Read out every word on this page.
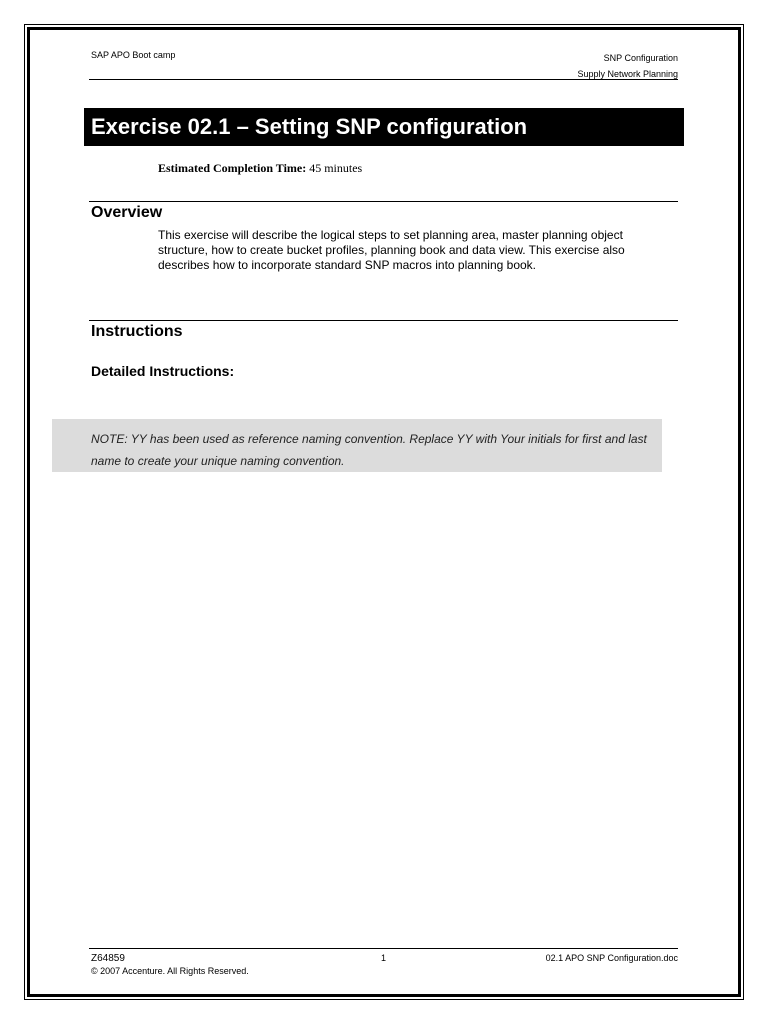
SAP APO Boot camp	SNP Configuration
Supply Network Planning
Exercise 02.1 – Setting SNP configuration
Estimated Completion Time: 45 minutes
Overview
This exercise will describe the logical steps to set planning area, master planning object structure, how to create bucket profiles, planning book and data view. This exercise also describes how to incorporate standard SNP macros into planning book.
Instructions
Detailed Instructions:
NOTE: YY has been used as reference naming convention. Replace YY with Your initials for first and last name to create your unique naming convention.
Z64859
© 2007 Accenture. All Rights Reserved.
1	02.1 APO SNP Configuration.doc
